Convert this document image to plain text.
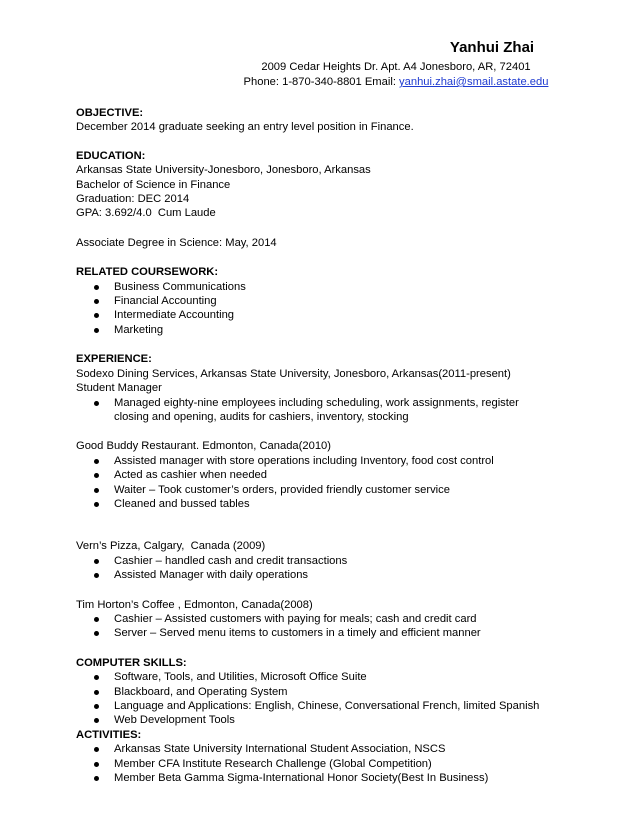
Yanhui Zhai
2009 Cedar Heights Dr. Apt. A4 Jonesboro, AR, 72401
Phone: 1-870-340-8801 Email: yanhui.zhai@smail.astate.edu
OBJECTIVE:
December 2014 graduate seeking an entry level position in Finance.
EDUCATION:
Arkansas State University-Jonesboro, Jonesboro, Arkansas
Bachelor of Science in Finance
Graduation: DEC 2014
GPA: 3.692/4.0  Cum Laude
Associate Degree in Science: May, 2014
RELATED COURSEWORK:
Business Communications
Financial Accounting
Intermediate Accounting
Marketing
EXPERIENCE:
Sodexo Dining Services, Arkansas State University, Jonesboro, Arkansas(2011-present)
Student Manager
Managed eighty-nine employees including scheduling, work assignments, register closing and opening, audits for cashiers, inventory, stocking
Good Buddy Restaurant. Edmonton, Canada(2010)
Assisted manager with store operations including Inventory, food cost control
Acted as cashier when needed
Waiter – Took customer’s orders, provided friendly customer service
Cleaned and bussed tables
Vern’s Pizza, Calgary,  Canada (2009)
Cashier – handled cash and credit transactions
Assisted Manager with daily operations
Tim Horton’s Coffee , Edmonton, Canada(2008)
Cashier – Assisted customers with paying for meals; cash and credit card
Server – Served menu items to customers in a timely and efficient manner
COMPUTER SKILLS:
Software, Tools, and Utilities, Microsoft Office Suite
Blackboard, and Operating System
Language and Applications: English, Chinese, Conversational French, limited Spanish
Web Development Tools
ACTIVITIES:
Arkansas State University International Student Association, NSCS
Member CFA Institute Research Challenge (Global Competition)
Member Beta Gamma Sigma-International Honor Society(Best In Business)
